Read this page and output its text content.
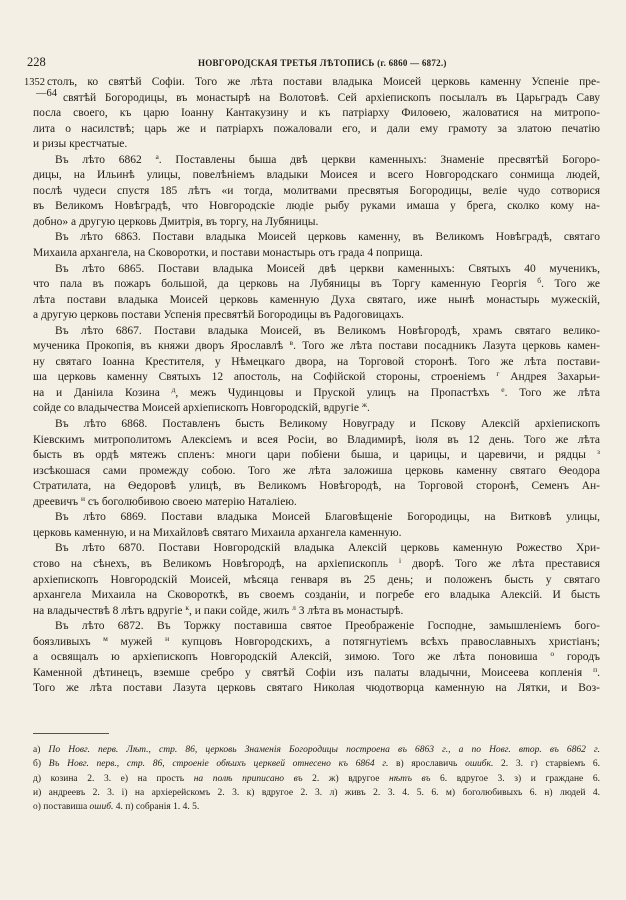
228	НОВГОРОДСКАЯ ТРЕТЬЯ ЛѢТОПИСЬ (г. 6860 — 6872.)
1352
—64
столъ, ко святѣй Софіи. Того же лѣта постави владыка Моисей церковь каменну Успеніе пре-
святѣй Богородицы, въ монастырѣ на Волотовѣ. Сей архіепископъ посылалъ въ Царьградъ Саву
посла своего, къ царю Іоанну Кантакузину и къ патріарху Филоѳею, жаловатися на митропо-
лита о насилствѣ; царь же и патріархъ пожаловали его, и дали ему грамоту за златою печатію
и ризы крестчатые.
Въ лѣто 6862 $^а$. Поставлены быша двѣ церкви каменныхъ: Знаменіе пресвятѣй Богоро-
дицы, на Ильинѣ улицы, повелѣніемъ владыки Моисея и всего Новгородскаго сонмища людей,
послѣ чудеси спустя 185 лѣтъ «и тогда, молитвами пресвятыя Богородицы, веліе чудо сотворися
въ Великомъ Новѣградѣ, что Новгородскіе людіе рыбу руками имаша у брега, сколко кому на-
добно» а другую церковь Дмитрія, въ торгу, на Лубяницы.
Въ лѣто 6863. Постави владыка Моисей церковь каменну, въ Великомъ Новѣградѣ, святаго
Михаила архангела, на Сковоротки, и постави монастырь отъ града 4 поприща.
Въ лѣто 6865. Постави владыка Моисей двѣ церкви каменныхъ: Святыхъ 40 мученикъ,
что пала въ пожаръ большой, да церковь на Лубяницы въ Торгу каменную Георгія $^б$. Того же
лѣта постави владыка Моисей церковь каменную Духа святаго, иже нынѣ монастырь мужескій,
а другую церковь постави Успенія пресвятѣй Богородицы въ Радоговицахъ.
Въ лѣто 6867. Постави владыка Моисей, въ Великомъ Новѣгородѣ, храмъ святаго велико-
мученика Прокопія, въ княжи дворъ Ярославлѣ $^в$. Того же лѣта постави посадникъ Лазута церковь камен-
ну святаго Іоанна Крестителя, у Нѣмецкаго двора, на Торговой сторонѣ. Того же лѣта постави-
ша церковь каменну Святыхъ 12 апостоль, на Софійской стороны, строеніемъ $^г$ Андрея Захарьи-
на и Даніила Козина $^д$, межъ Чудинцовы и Пруской улицъ на Пропастѣхъ $^е$. Того же лѣта
сойде со владычества Моисей архіепископъ Новгородскій, вдругіе $^ж$.
Въ лѣто 6868. Поставленъ бысть Великому Новуграду и Пскову Алексій архіепископъ
Кіевскимъ митрополитомъ Алексіемъ и всея Росіи, во Владимирѣ, іюля въ 12 день. Того же лѣта
бысть въ ордѣ мятежъ спленъ: многи цари побіени быша, и царицы, и царевичи, и рядцы $^з$
изсѣкошася сами промежду собою. Того же лѣта заложиша церковь каменну святаго Ѳеодора
Стратилата, на Ѳедоровѣ улицѣ, въ Великомъ Новѣгородѣ, на Торговой сторонѣ, Семенъ Ан-
дреевичъ $^и$ съ боголюбивою своею матерію Наталіею.
Въ лѣто 6869. Постави владыка Моисей Благовѣщеніе Богородицы, на Витковѣ улицы,
церковь каменную, и на Михайловѣ святаго Михаила архангела каменную.
Въ лѣто 6870. Постави Новгородскій владыка Алексій церковь каменную Рожество Хри-
стово на сѣнехъ, въ Великомъ Новѣгородѣ, на архіепископль $^і$ дворѣ. Того же лѣта преставися
архіепископъ Новгородскій Моисей, мѣсяца генваря въ 25 день; и положенъ бысть у святаго
архангела Михаила на Сковороткѣ, въ своемъ созданіи, и погребе его владыка Алексій. И бысть
на владычествѣ 8 лѣтъ вдругіе $^к$, и паки сойде, жилъ $^л$ 3 лѣта въ монастырѣ.
Въ лѣто 6872. Въ Торжку поставиша святое Преображеніе Господне, замышленіемъ бого-
боязливыхъ $^м$ мужей $^н$ купцовъ Новгородскихъ, а потягнутіемъ всѣхъ православныхъ христіанъ;
а освящалъ ю архіепископъ Новгородскій Алексій, зимою. Того же лѣта поновиша $^о$ городъ
Каменной дѣтинецъ, вземше сребро у святѣй Софіи изъ палаты владычни, Моисеева копленія $^п$.
Того же лѣта постави Лазута церковь святаго Николая чюдотворца каменную на Лятки, и Воз-
а) По Новг. перв. Лѣт., стр. 86, церковь Знаменія Богородицы построена въ 6863 г., а по Новг. втор. въ 6862 г.
б) Въ Новг. перв., стр. 86, строеніе обѣихъ церквей отнесено къ 6864 г. в) ярославичь ошибк. 2. 3. г) старвіемъ 6.
д) козина 2. 3. е) на прость на полѣ приписано въ 2. ж) вдругое нѣтъ въ 6. вдругое 3. з) и граждане 6.
и) андреевъ 2. 3. і) на архіерейскомъ 2. 3. к) вдругое 2. 3. л) живъ 2. 3. 4. 5. 6. м) боголюбивыхъ 6. н) людей 4.
о) поставиша ошиб. 4. п) собранія 1. 4. 5.
